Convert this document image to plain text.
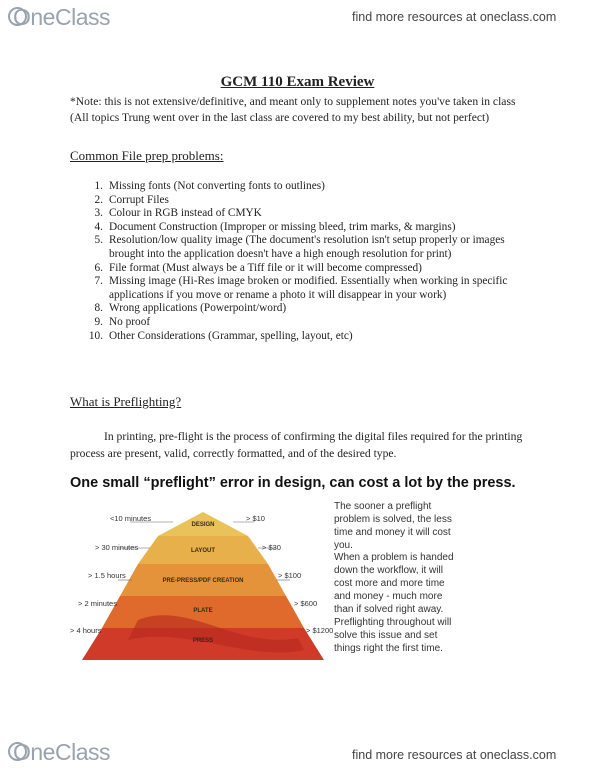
OneClass	find more resources at oneclass.com
GCM 110 Exam Review
*Note: this is not extensive/definitive, and meant only to supplement notes you've taken in class
(All topics Trung went over in the last class are covered to my best ability, but not perfect)
Common File prep problems:
1. Missing fonts (Not converting fonts to outlines)
2. Corrupt Files
3. Colour in RGB instead of CMYK
4. Document Construction (Improper or missing bleed, trim marks, & margins)
5. Resolution/low quality image (The document's resolution isn't setup properly or images brought into the application doesn't have a high enough resolution for print)
6. File format (Must always be a Tiff file or it will become compressed)
7. Missing image (Hi-Res image broken or modified. Essentially when working in specific applications if you move or rename a photo it will disappear in your work)
8. Wrong applications (Powerpoint/word)
9. No proof
10. Other Considerations (Grammar, spelling, layout, etc)
What is Preflighting?
In printing, pre-flight is the process of confirming the digital files required for the printing process are present, valid, correctly formatted, and of the desired type.
One small “preflight” error in design, can cost a lot by the press.
<10 minutes
> 30 minutes
> 1.5 hours
> 2 minutes
> 4 hours
> $10
> $30
> $100
> $600
> $1200
DESIGN
LAYOUT
PRE-PRESS/PDF CREATION
PLATE
PRESS
The sooner a preflight problem is solved, the less time and money it will cost you.
When a problem is handed down the workflow, it will cost more and more time and money - much more than if solved right away. Preflighting throughout will solve this issue and set things right the first time.
OneClass	find more resources at oneclass.com
